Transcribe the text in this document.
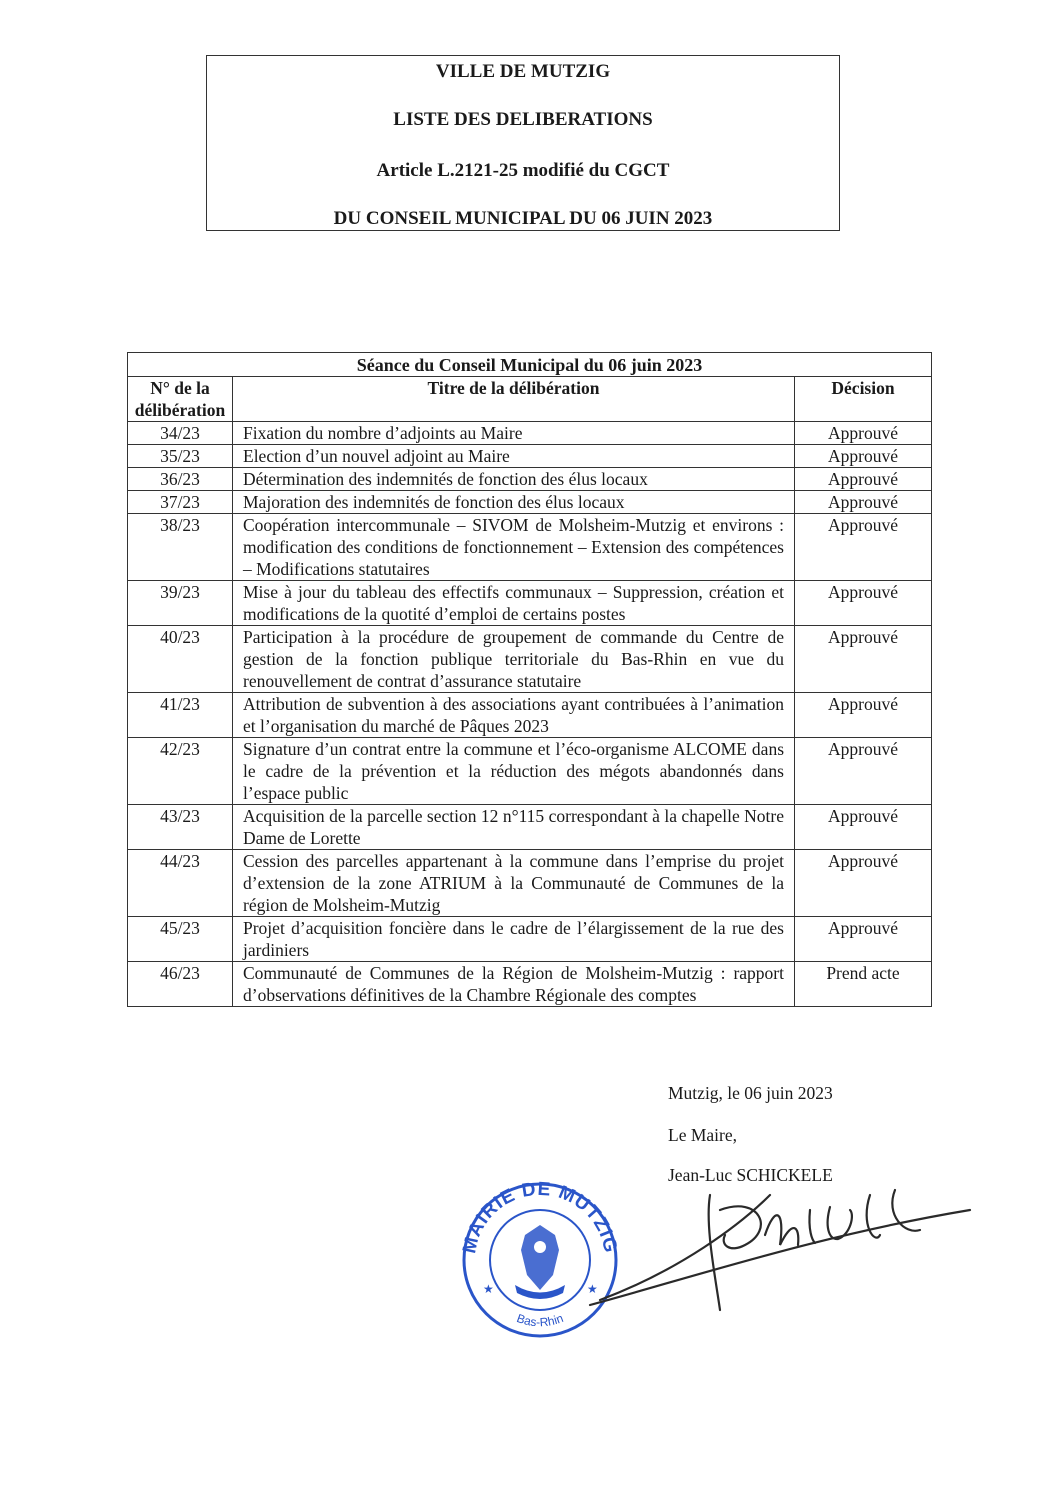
VILLE DE MUTZIG
LISTE DES DELIBERATIONS
Article L.2121-25 modifié du CGCT
DU CONSEIL MUNICIPAL DU 06 JUIN 2023
Séance du Conseil Municipal du 06 juin 2023		
N° de la délibération	Titre de la délibération	Décision
34/23	Fixation du nombre d’adjoints au Maire	Approuvé
35/23	Election d’un nouvel adjoint au Maire	Approuvé
36/23	Détermination des indemnités de fonction des élus locaux	Approuvé
37/23	Majoration des indemnités de fonction des élus locaux	Approuvé
38/23	Coopération intercommunale – SIVOM de Molsheim-Mutzig et environs : modification des conditions de fonctionnement – Extension des compétences – Modifications statutaires	Approuvé
39/23	Mise à jour du tableau des effectifs communaux – Suppression, création et modifications de la quotité d’emploi de certains postes	Approuvé
40/23	Participation à la procédure de groupement de commande du Centre de gestion de la fonction publique territoriale du Bas-Rhin en vue du renouvellement de contrat d’assurance statutaire	Approuvé
41/23	Attribution de subvention à des associations ayant contribuées à l’animation et l’organisation du marché de Pâques 2023	Approuvé
42/23	Signature d’un contrat entre la commune et l’éco-organisme ALCOME dans le cadre de la prévention et la réduction des mégots abandonnés dans l’espace public	Approuvé
43/23	Acquisition de la parcelle section 12 n°115 correspondant à la chapelle Notre Dame de Lorette	Approuvé
44/23	Cession des parcelles appartenant à la commune dans l’emprise du projet d’extension de la zone ATRIUM à la Communauté de Communes de la région de Molsheim-Mutzig	Approuvé
45/23	Projet d’acquisition foncière dans le cadre de l’élargissement de la rue des jardiniers	Approuvé
46/23	Communauté de Communes de la Région de Molsheim-Mutzig : rapport d’observations définitives de la Chambre Régionale des comptes	Prend acte
Mutzig, le 06 juin 2023
Le Maire,
Jean-Luc SCHICKELE
MAIRIE DE MUTZIG
Bas-Rhin
★	★
